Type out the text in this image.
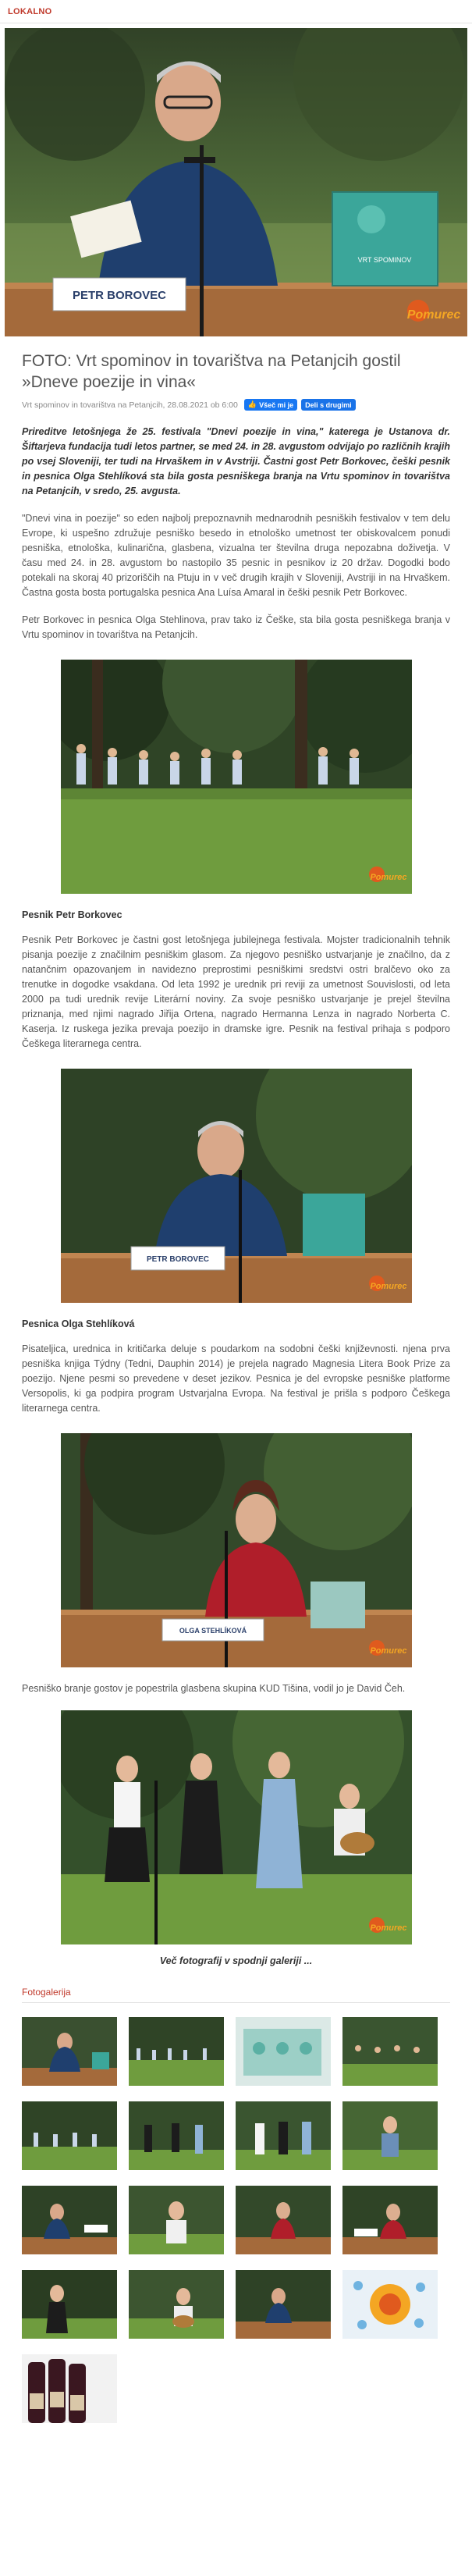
LOKALNO
PETR BOROVEC
VRT SPOMINOV
Pomurec
FOTO: Vrt spominov in tovarištva na Petanjcih gostil »Dneve poezije in vina«
Vrt spominov in tovarištva na Petanjcih, 28.08.2021 ob 6:00 👍 Všeč mi je Deli s drugimi

Prireditve letošnjega že 25. festivala "Dnevi poezije in vina," katerega je Ustanova dr. Šiftarjeva fundacija tudi letos partner, se med 24. in 28. avgustom odvijajo po različnih krajih po vsej Sloveniji, ter tudi na Hrvaškem in v Avstriji. Častni gost Petr Borkovec, češki pesnik in pesnica Olga Stehlíková sta bila gosta pesniškega branja na Vrtu spominov in tovarištva na Petanjcih, v sredo, 25. avgusta.

"Dnevi vina in poezije" so eden najbolj prepoznavnih mednarodnih pesniških festivalov v tem delu Evrope, ki uspešno združuje pesniško besedo in etnološko umetnost ter obiskovalcem ponudi pesniška, etnološka, kulinarična, glasbena, vizualna ter številna druga nepozabna doživetja. V času med 24. in 28. avgustom bo nastopilo 35 pesnic in pesnikov iz 20 držav. Dogodki bodo potekali na skoraj 40 prizoriščih na Ptuju in v več drugih krajih v Sloveniji, Avstriji in na Hrvaškem. Častna gosta bosta portugalska pesnica Ana Luísa Amaral in češki pesnik Petr Borkovec.

Petr Borkovec in pesnica Olga Stehlinova, prav tako iz Češke, sta bila gosta pesniškega branja v Vrtu spominov in tovarištva na Petanjcih.

Pomurec
Pesnik Petr Borkovec

Pesnik Petr Borkovec je častni gost letošnjega jubilejnega festivala. Mojster tradicionalnih tehnik pisanja poezije z značilnim pesniškim glasom. Za njegovo pesniško ustvarjanje je značilno, da z natančnim opazovanjem in navidezno preprostimi pesniškimi sredstvi ostri bralčevo oko za trenutke in dogodke vsakdana. Od leta 1992 je urednik pri reviji za umetnost Souvislosti, od leta 2000 pa tudi urednik revije Literární noviny. Za svoje pesniško ustvarjanje je prejel številna priznanja, med njimi nagrado Jiřija Ortena, nagrado Hermanna Lenza in nagrado Norberta C. Kaserja. Iz ruskega jezika prevaja poezijo in dramske igre. Pesnik na festival prihaja s podporo Češkega literarnega centra.

PETR BOROVEC
Pomurec
Pesnica Olga Stehlíková

Pisateljica, urednica in kritičarka deluje s poudarkom na sodobni češki književnosti. njena prva pesniška knjiga Týdny (Tedni, Dauphin 2014) je prejela nagrado Magnesia Litera Book Prize za poezijo. Njene pesmi so prevedene v deset jezikov. Pesnica je del evropske pesniške platforme Versopolis, ki ga podpira program Ustvarjalna Evropa. Na festival je prišla s podporo Češkega literarnega centra.

OLGA STEHLÍKOVÁ
Pomurec

Pesniško branje gostov je popestrila glasbena skupina KUD Tišina, vodil jo je David Čeh.

Pomurec
Več fotografij v spodnji galeriji ...
Fotogalerija
